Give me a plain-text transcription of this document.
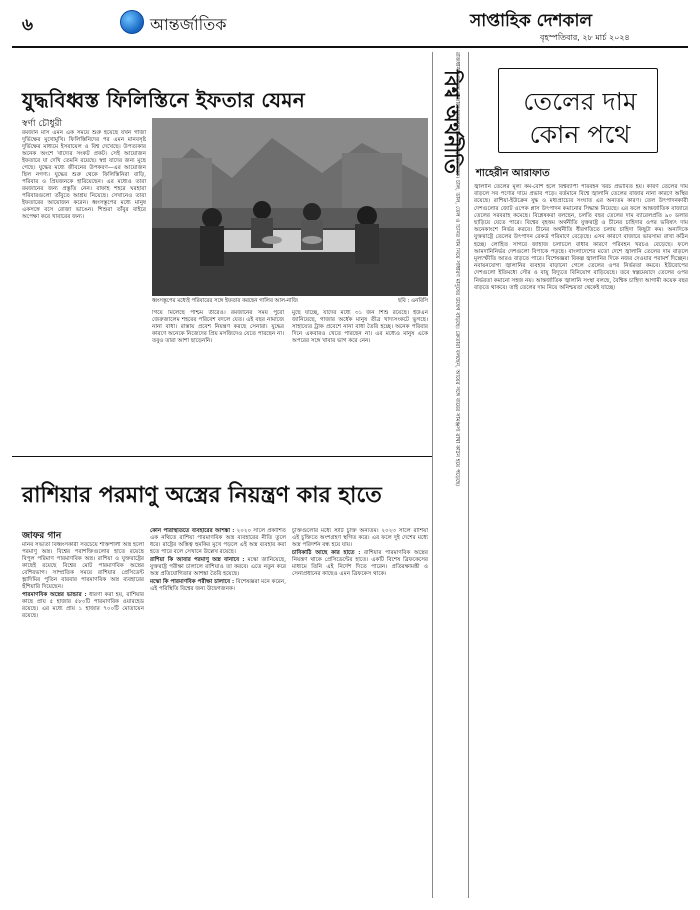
৬	আন্তর্জাতিক	সাপ্তাহিক দেশকাল
বৃহস্পতিবার, ২৮ মার্চ ২০২৪
যুদ্ধবিধ্বস্ত ফিলিস্তিনে ইফতার যেমন
স্বর্ণা চৌধুরী

রমজান মাস এমন এক সময়ে শুরু হয়েছে যখন গাজা দুর্ভিক্ষের মুখোমুখি। ফিলিস্তিনিদের পর এমন মানবসৃষ্ট দুর্ভিক্ষের মাধ্যমে ইসরায়েল ও বিশ্ব দেখেছে। উপত্যকার অনেক অংশে খাদ্যের সংকট প্রকট। সেই আয়োজন ইফতারে যা দেখি তেমনি রয়েছে। স্বপ্ন যাদের জন্য মুছে গেছে। যুদ্ধের মধ্যে জীবনের উপকরণ—এর আয়োজন ছিল নগণ্য। যুদ্ধের শুরু থেকে ফিলিস্তিনিরা বাড়ি, পরিবার ও প্রিয়জনকে হারিয়েছেন। এর মধ্যেও তারা রমজানের জন্য প্রস্তুতি নেন। রাফাহ শহরে ঘরহারা পরিবারগুলো তাঁবুতে আশ্রয় নিয়েছে। সেখানেও তারা ইফতারের আয়োজন করেন। ধ্বংসস্তূপের মধ্যে মানুষ একসঙ্গে বসে রোজা ভাঙেন। শিশুরা তাঁবুর বাইরে অপেক্ষা করে খাবারের জন্য।

ধ্বংসস্তূপের মধ্যেই পরিবারের সঙ্গে ইফতার করছেন গালিব আল-নাজি	ছবি : এনবিসি

গিয়ে মিলেছে পশ্চিম তীরেও। রমজানের সময় পুরো জেরুজালেম শহরের পরিবেশ বদলে যেত। এই বছর নামাজে নানা বাধা। রাস্তায় প্রবেশ নিয়ন্ত্রণ করছে সেনারা। যুদ্ধের কারণে অনেকে নিজেদের প্রিয় মসজিদেও যেতে পারছেন না। তবুও তারা আশা ছাড়েননি।

মুছে যাচ্ছে, যাদের মধ্যে ৩১ জন শিশু রয়েছে। ইউএন জানিয়েছে, গাজার অর্ধেক মানুষ তীব্র খাদ্যসংকটে ভুগছে। সাহায্যের ট্রাক প্রবেশে নানা বাধা তৈরি হচ্ছে। অনেক পরিবার দিনে একবারও খেতে পারছেন না। এর মধ্যেও মানুষ একে অপরের সঙ্গে খাবার ভাগ করে নেন।

রাশিয়ার পরমাণু অস্ত্রের নিয়ন্ত্রণ কার হাতে
জাফর গান

মানব সভ্যতা বিধ্বংসকারী সবচেয়ে শক্তিশালী অস্ত্র হলো পরমাণু অস্ত্র। বিশ্বের পরাশক্তিগুলোর হাতে রয়েছে বিপুল পরিমাণ পারমাণবিক অস্ত্র। রাশিয়া ও যুক্তরাষ্ট্রের কাছেই রয়েছে বিশ্বের মোট পারমাণবিক অস্ত্রের বেশিরভাগ। সাম্প্রতিক সময়ে রাশিয়ার প্রেসিডেন্ট ভ্লাদিমির পুতিন বারবার পারমাণবিক অস্ত্র ব্যবহারের হুঁশিয়ারি দিয়েছেন।

পারমাণবিক অস্ত্রের ভান্ডার : ধারণা করা হয়, রাশিয়ার কাছে প্রায় ৫ হাজার ৫৮০টি পারমাণবিক ওয়ারহেড রয়েছে। এর মধ্যে প্রায় ১ হাজার ৭০০টি মোতায়েন রয়েছে।

কোন পরিস্থিতিতে ব্যবহারের আশঙ্কা : ২০২০ সালে প্রকাশিত এক নথিতে রাশিয়া পারমাণবিক অস্ত্র ব্যবহারের নীতি তুলে ধরে। রাষ্ট্রের অস্তিত্ব হুমকির মুখে পড়লে এই অস্ত্র ব্যবহার করা হতে পারে বলে সেখানে উল্লেখ রয়েছে।

রাশিয়া কি আবার পরমাণু অস্ত্র বানাবে : মস্কো জানিয়েছে, যুক্তরাষ্ট্র পরীক্ষা চালালে রাশিয়াও তা করবে। এতে নতুন করে অস্ত্র প্রতিযোগিতার আশঙ্কা তৈরি হয়েছে।

মস্কো কি পারমাণবিক পরীক্ষা চালাবে : বিশেষজ্ঞরা মনে করেন, এই পরিস্থিতি বিশ্বের জন্য উদ্বেগজনক।

চুক্তিগুলোর মধ্যে স্টার্ট চুক্তি অন্যতম। ২০২৩ সালে রাশিয়া এই চুক্তিতে অংশগ্রহণ স্থগিত করে। এর ফলে দুই দেশের মধ্যে অস্ত্র পরিদর্শন বন্ধ হয়ে যায়।

চাবিকাঠি আছে কার হাতে : রাশিয়ার পারমাণবিক অস্ত্রের নিয়ন্ত্রণ থাকে প্রেসিডেন্টের হাতে। একটি বিশেষ ব্রিফকেসের মাধ্যমে তিনি এই নির্দেশ দিতে পারেন। প্রতিরক্ষামন্ত্রী ও সেনাপ্রধানের কাছেও এমন ব্রিফকেস থাকে।

রাজধানীর বিভিন্ন বাজারে নিত্যপণ্যের দাম বাড়তির দিকে। চাল, ডাল, তেল ও চিনির দাম নিয়ে সাধারণ মানুষের উদ্বেগ বাড়ছে। ক্রেতারা বলছেন, আয়ের সঙ্গে ব্যয়ের সামঞ্জস্য রাখা কঠিন হয়ে পড়েছে।
বিশ্ব অর্থনীতি	তেলের দাম
কোন পথে
শাহেরীন আরাফাত

জ্বালানি তেলের মূল্য কম-বেশি হলে বিশ্বব্যাপী পরিবহন খরচ প্রভাবিত হয়। কারণ তেলের দাম বাড়লে সব পণ্যের দামে প্রভাব পড়ে। বর্তমানে বিশ্বে জ্বালানি তেলের বাজার নানা কারণে অস্থির রয়েছে। রাশিয়া-ইউক্রেন যুদ্ধ ও মধ্যপ্রাচ্যের সংঘাত এর অন্যতম কারণ। তেল উৎপাদনকারী দেশগুলোর জোট ওপেক প্লাস উৎপাদন কমানোর সিদ্ধান্ত নিয়েছে। এর ফলে আন্তর্জাতিক বাজারে তেলের সরবরাহ কমেছে। বিশ্লেষকরা বলছেন, চলতি বছর তেলের দাম ব্যারেলপ্রতি ৯০ ডলার ছাড়িয়ে যেতে পারে। বিশ্বের বৃহত্তম অর্থনীতি যুক্তরাষ্ট্র ও চীনের চাহিদার ওপর ভবিষ্যৎ দাম অনেকাংশে নির্ভর করবে। চীনের অর্থনীতি ধীরগতিতে চলায় চাহিদা কিছুটা কম। অন্যদিকে যুক্তরাষ্ট্রে তেলের উৎপাদন রেকর্ড পরিমাণে বেড়েছে। এসব কারণে বাজারে ভারসাম্য রাখা কঠিন হচ্ছে। লোহিত সাগরে জাহাজ চলাচলে বাধার কারণে পরিবহন খরচও বেড়েছে। ফলে আমদানিনির্ভর দেশগুলো বিপাকে পড়ছে। বাংলাদেশের মতো দেশে জ্বালানি তেলের দাম বাড়লে মূল্যস্ফীতি আরও বাড়তে পারে। বিশেষজ্ঞরা বিকল্প জ্বালানির দিকে নজর দেওয়ার পরামর্শ দিচ্ছেন। নবায়নযোগ্য জ্বালানির ব্যবহার বাড়ানো গেলে তেলের ওপর নির্ভরতা কমবে। ইউরোপের দেশগুলো ইতিমধ্যে সৌর ও বায়ু বিদ্যুতে বিনিয়োগ বাড়িয়েছে। তবে স্বল্পমেয়াদে তেলের ওপর নির্ভরতা কমানো সহজ নয়। আন্তর্জাতিক জ্বালানি সংস্থা বলছে, বৈশ্বিক চাহিদা আগামী কয়েক বছর বাড়তে থাকবে। তাই তেলের দাম নিয়ে অনিশ্চয়তা থেকেই যাচ্ছে।
